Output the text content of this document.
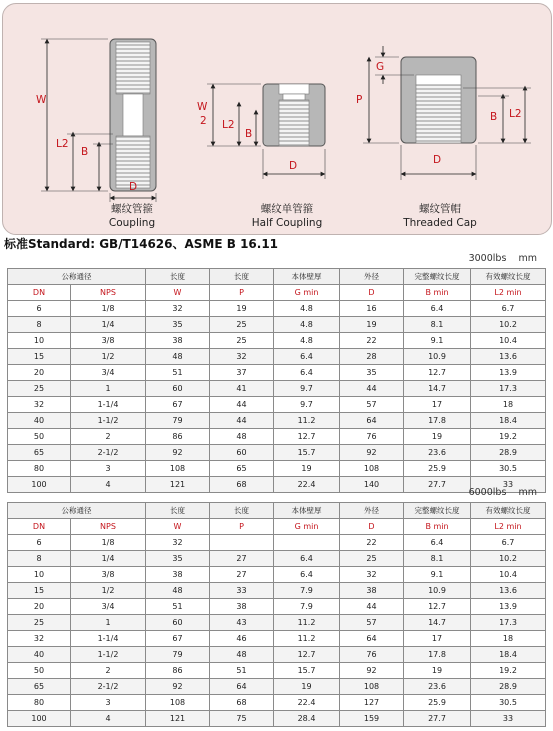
W
L2
B
D
W
2 L2
B
D
G
P
B L2
D
螺纹管箍
Coupling
螺纹单管箍
Half Coupling
螺纹管帽
Threaded Cap
标准Standard: GB/T14626、ASME B 16.11
3000lbs mm
公称通径		长度	长度	本体壁厚	外径	完整螺纹长度	有效螺纹长度
DN	NPS	W	P	G min	D	B min	L2 min
6	1/8	32	19	4.8	16	6.4	6.7
8	1/4	35	25	4.8	19	8.1	10.2
10	3/8	38	25	4.8	22	9.1	10.4
15	1/2	48	32	6.4	28	10.9	13.6
20	3/4	51	37	6.4	35	12.7	13.9
25	1	60	41	9.7	44	14.7	17.3
32	1-1/4	67	44	9.7	57	17	18
40	1-1/2	79	44	11.2	64	17.8	18.4
50	2	86	48	12.7	76	19	19.2
65	2-1/2	92	60	15.7	92	23.6	28.9
80	3	108	65	19	108	25.9	30.5
100	4	121	68	22.4	140	27.7	33
6000lbs mm
公称通径		长度	长度	本体壁厚	外径	完整螺纹长度	有效螺纹长度
DN	NPS	W	P	G min	D	B min	L2 min
6	1/8	32			22	6.4	6.7
8	1/4	35	27	6.4	25	8.1	10.2
10	3/8	38	27	6.4	32	9.1	10.4
15	1/2	48	33	7.9	38	10.9	13.6
20	3/4	51	38	7.9	44	12.7	13.9
25	1	60	43	11.2	57	14.7	17.3
32	1-1/4	67	46	11.2	64	17	18
40	1-1/2	79	48	12.7	76	17.8	18.4
50	2	86	51	15.7	92	19	19.2
65	2-1/2	92	64	19	108	23.6	28.9
80	3	108	68	22.4	127	25.9	30.5
100	4	121	75	28.4	159	27.7	33
